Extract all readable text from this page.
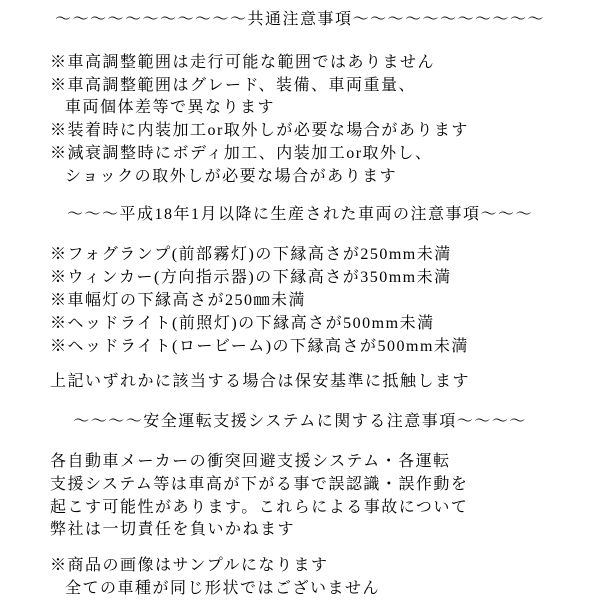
～～～～～～～～～～～共通注意事項～～～～～～～～～～～
※車高調整範囲は走行可能な範囲ではありません
※車高調整範囲はグレード、装備、車両重量、
車両個体差等で異なります
※装着時に内装加工or取外しが必要な場合があります
※減衰調整時にボディ加工、内装加工or取外し、
ショックの取外しが必要な場合があります
～～～平成18年1月以降に生産された車両の注意事項～～～
※フォグランプ(前部霧灯)の下縁高さが250mm未満
※ウィンカー(方向指示器)の下縁高さが350mm未満
※車幅灯の下縁高さが250㎜未満
※ヘッドライト(前照灯)の下縁高さが500mm未満
※ヘッドライト(ロービーム)の下縁高さが500mm未満
上記いずれかに該当する場合は保安基準に抵触します
～～～～安全運転支援システムに関する注意事項～～～～
各自動車メーカーの衝突回避支援システム・各運転
支援システム等は車高が下がる事で誤認識・誤作動を
起こす可能性があります。これらによる事故について
弊社は一切責任を負いかねます
※商品の画像はサンプルになります
全ての車種が同じ形状ではございません
